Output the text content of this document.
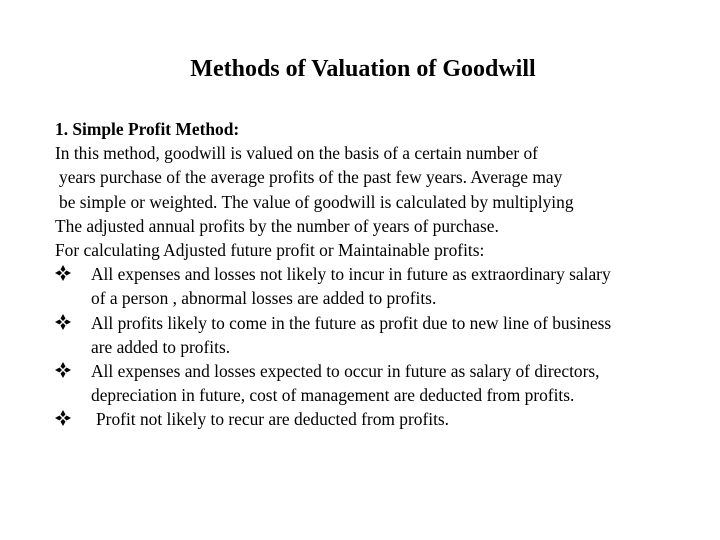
Methods of Valuation of Goodwill
1. Simple Profit Method:
In this method, goodwill is valued on the basis of a certain number of
years purchase of the average profits of the past few years. Average may
be simple or weighted. The value of goodwill is calculated by multiplying
The adjusted annual profits by the number of years of purchase.
For calculating Adjusted future profit or Maintainable profits:
All expenses and losses not likely to incur in future as extraordinary salary
of a person , abnormal losses are added to profits.
All profits likely to come in the future as profit due to new line of business
are added to profits.
All expenses and losses expected to occur in future as salary of directors,
depreciation in future, cost of management are deducted from profits.
Profit not likely to recur are deducted from profits.
